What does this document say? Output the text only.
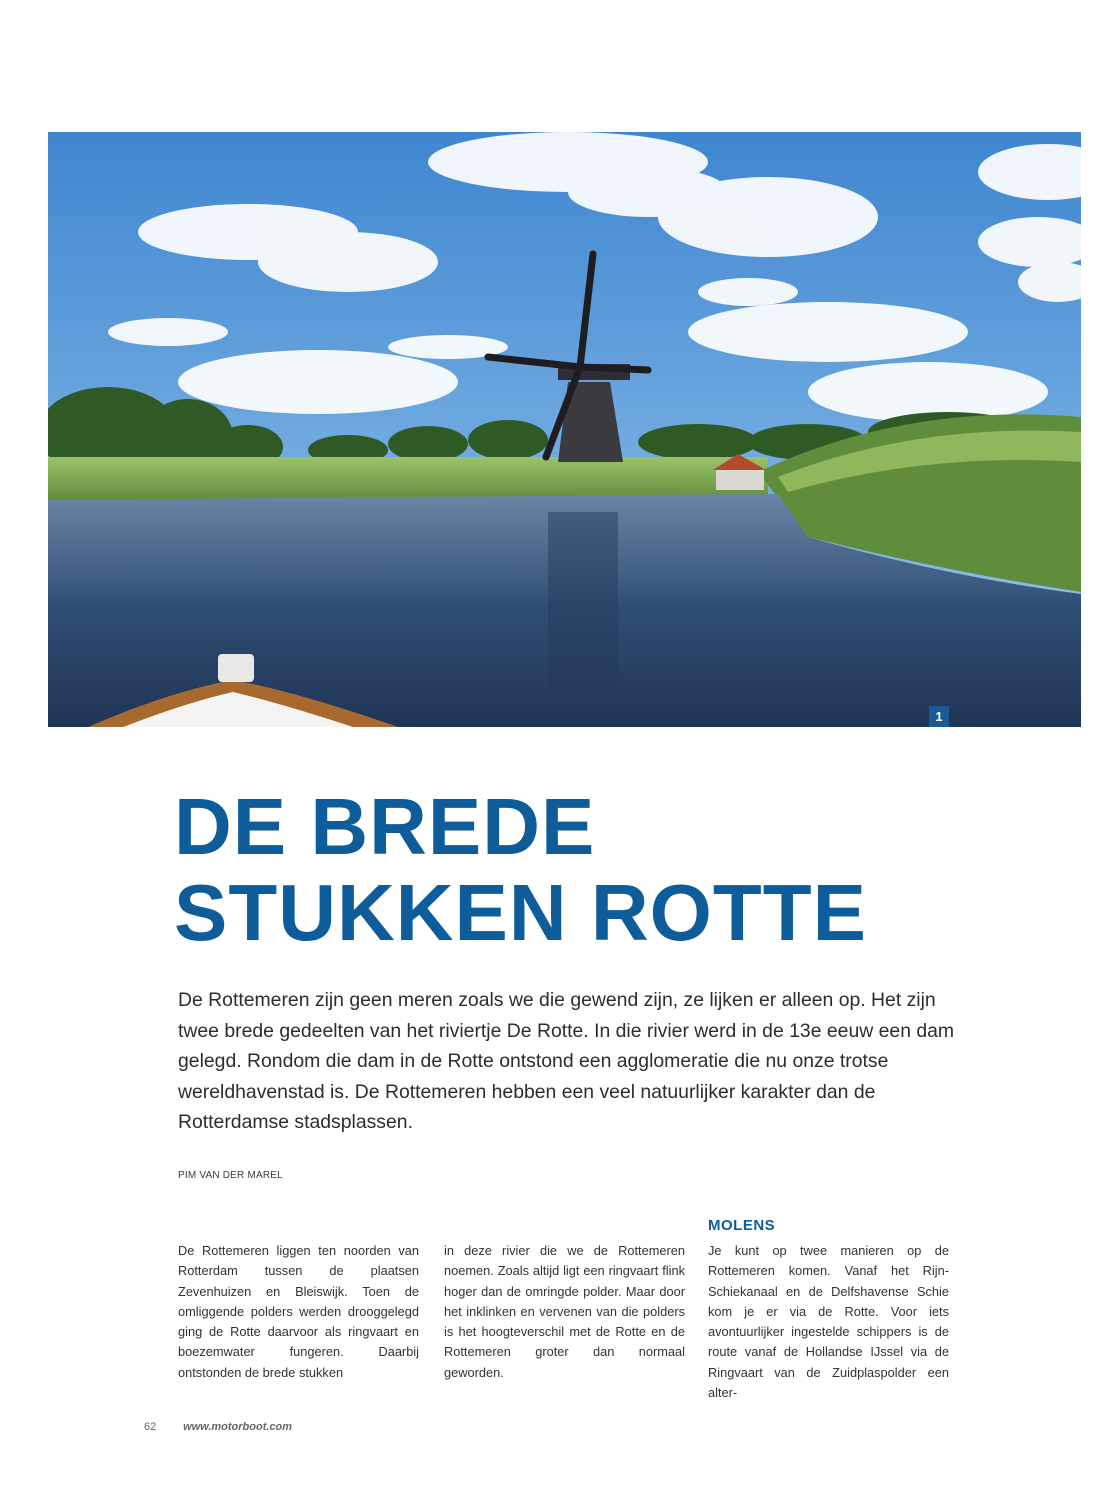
1
DE BREDE
STUKKEN ROTTE

De Rottemeren zijn geen meren zoals we die gewend zijn, ze lijken er alleen op. Het zijn twee brede gedeelten van het riviertje De Rotte. In die rivier werd in de 13e eeuw een dam gelegd. Rondom die dam in de Rotte ontstond een agglomeratie die nu onze trotse wereldhavenstad is. De Rottemeren hebben een veel natuurlijker karakter dan de Rotterdamse stadsplassen.

PIM VAN DER MAREL

De Rottemeren liggen ten noorden van Rotterdam tussen de plaatsen Zevenhuizen en Bleiswijk. Toen de omliggende polders werden drooggelegd ging de Rotte daarvoor als ringvaart en boezemwater fungeren. Daarbij ontstonden de brede stukken

in deze rivier die we de Rottemeren noemen. Zoals altijd ligt een ringvaart flink hoger dan de omringde polder. Maar door het inklinken en vervenen van die polders is het hoogteverschil met de Rotte en de Rottemeren groter dan normaal geworden.

MOLENS

Je kunt op twee manieren op de Rottemeren komen. Vanaf het Rijn-Schiekanaal en de Delfshavense Schie kom je er via de Rotte. Voor iets avontuurlijker ingestelde schippers is de route vanaf de Hollandse IJssel via de Ringvaart van de Zuidplaspolder een alter-

62 www.motorboot.com
